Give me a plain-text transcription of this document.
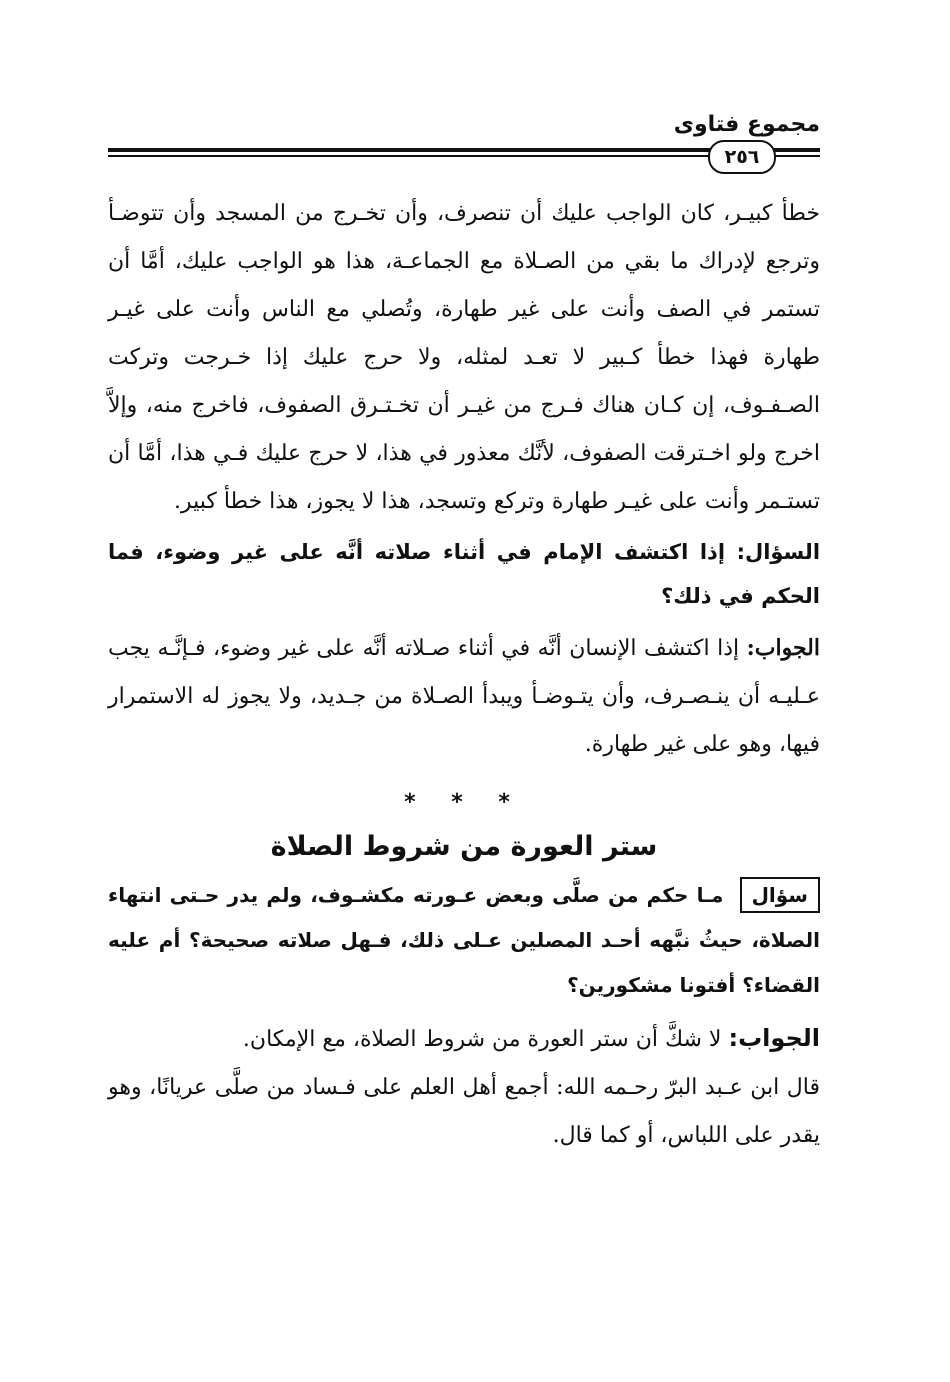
مجموع فتاوى
٢٥٦

خطأ كبيـر، كان الواجب عليك أن تنصرف، وأن تخـرج من المسجد وأن تتوضـأ وترجع لإدراك ما بقي من الصـلاة مع الجماعـة، هذا هو الواجب عليك، أمَّا أن تستمر في الصف وأنت على غير طهارة، وتُصلي مع الناس وأنت على غيـر طهارة فهذا خطأ كـبير لا تعـد لمثله، ولا حرج عليك إذا خـرجت وتركت الصـفـوف، إن كـان هناك فـرج من غيـر أن تخـتـرق الصفوف، فاخرج منه، وإلاَّ اخرج ولو اخـترقت الصفوف، لأنَّك معذور في هذا، لا حرج عليك فـي هذا، أمَّا أن تستـمر وأنت على غيـر طهارة وتركع وتسجد، هذا لا يجوز، هذا خطأ كبير.

السؤال: إذا اكتشف الإمام في أثناء صلاته أنَّه على غير وضوء، فما الحكم في ذلك؟

الجواب: إذا اكتشف الإنسان أنَّه في أثناء صـلاته أنَّه على غير وضوء، فـإنَّـه يجب عـليـه أن ينـصـرف، وأن يتـوضـأ ويبدأ الصـلاة من جـديد، ولا يجوز له الاستمرار فيها، وهو على غير طهارة.

* * *
ستر العورة من شروط الصلاة

سؤال مـا حكم من صلَّى وبعض عـورته مكشـوف، ولم يدر حـتى انتهاء الصلاة، حيثُ نبَّهه أحـد المصلين عـلى ذلك، فـهل صلاته صحيحة؟ أم عليه القضاء؟ أفتونا مشكورين؟

الجواب: لا شكَّ أن ستر العورة من شروط الصلاة، مع الإمكان.

قال ابن عـبد البرّ رحـمه الله: أجمع أهل العلم على فـساد من صلَّى عريانًا، وهو يقدر على اللباس، أو كما قال.
